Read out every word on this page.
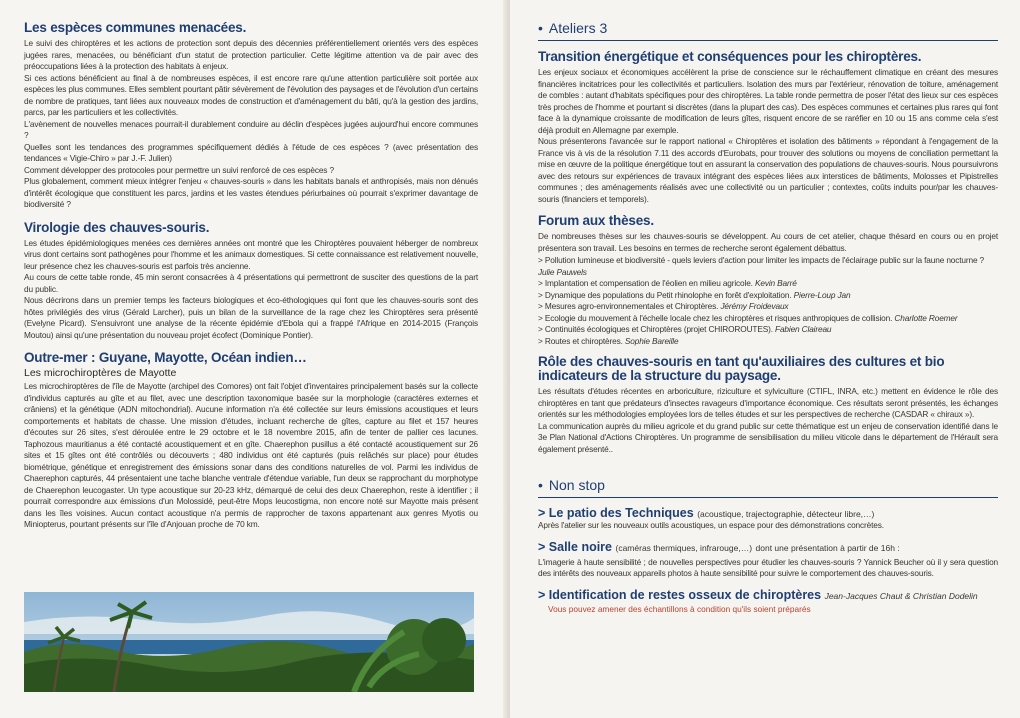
Les espèces communes menacées.

Le suivi des chiroptères et les actions de protection sont depuis des décennies préférentiellement orientés vers des espèces jugées rares, menacées, ou bénéficiant d'un statut de protection particulier. Cette légitime attention va de pair avec des préoccupations liées à la protection des habitats à enjeux.

Si ces actions bénéficient au final à de nombreuses espèces, il est encore rare qu'une attention particulière soit portée aux espèces les plus communes. Elles semblent pourtant pâtir sévèrement de l'évolution des paysages et de l'évolution d'un certains de nombre de pratiques, tant liées aux nouveaux modes de construction et d'aménagement du bâti, qu'à la gestion des jardins, parcs, par les particuliers et les collectivités.

L'avènement de nouvelles menaces pourrait-il durablement conduire au déclin d'espèces jugées aujourd'hui encore communes ?

Quelles sont les tendances des programmes spécifiquement dédiés à l'étude de ces espèces ? (avec présentation des tendances « Vigie-Chiro » par J.-F. Julien)

Comment développer des protocoles pour permettre un suivi renforcé de ces espèces ?

Plus globalement, comment mieux intégrer l'enjeu « chauves-souris » dans les habitats banals et anthropisés, mais non dénués d'intérêt écologique que constituent les parcs, jardins et les vastes étendues périurbaines où pourrait s'exprimer davantage de biodiversité ?

Virologie des chauves-souris.

Les études épidémiologiques menées ces dernières années ont montré que les Chiroptères pouvaient héberger de nombreux virus dont certains sont pathogènes pour l'homme et les animaux domestiques. Si cette connaissance est relativement nouvelle, leur présence chez les chauves-souris est parfois très ancienne.

Au cours de cette table ronde, 45 min seront consacrées à 4 présentations qui permettront de susciter des questions de la part du public.

Nous décrirons dans un premier temps les facteurs biologiques et éco-éthologiques qui font que les chauves-souris sont des hôtes privilégiés des virus (Gérald Larcher), puis un bilan de la surveillance de la rage chez les Chiroptères sera présenté (Evelyne Picard). S'ensuivront une analyse de la récente épidémie d'Ebola qui a frappé l'Afrique en 2014-2015 (François Moutou) ainsi qu'une présentation du nouveau projet écofect (Dominique Pontier).

Outre-mer : Guyane, Mayotte, Océan indien…
Les microchiroptères de Mayotte

Les microchiroptères de l'île de Mayotte (archipel des Comores) ont fait l'objet d'inventaires principalement basés sur la collecte d'individus capturés au gîte et au filet, avec une description taxonomique basée sur la morphologie (caractères externes et crâniens) et la génétique (ADN mitochondrial). Aucune information n'a été collectée sur leurs émissions acoustiques et leurs comportements et habitats de chasse. Une mission d'études, incluant recherche de gîtes, capture au filet et 157 heures d'écoutes sur 26 sites, s'est déroulée entre le 29 octobre et le 18 novembre 2015, afin de tenter de pallier ces lacunes. Taphozous mauritianus a été contacté acoustiquement et en gîte. Chaerephon pusillus a été contacté acoustiquement sur 26 sites et 15 gîtes ont été contrôlés ou découverts ; 480 individus ont été capturés (puis relâchés sur place) pour études biométrique, génétique et enregistrement des émissions sonar dans des conditions naturelles de vol. Parmi les individus de Chaerephon capturés, 44 présentaient une tache blanche ventrale d'étendue variable, l'un deux se rapprochant du morphotype de Chaerephon leucogaster. Un type acoustique sur 20-23 kHz, démarqué de celui des deux Chaerephon, reste à identifier ; il pourrait correspondre aux émissions d'un Molossidé, peut-être Mops leucostigma, non encore noté sur Mayotte mais présent dans les îles voisines. Aucun contact acoustique n'a permis de rapprocher de taxons appartenant aux genres Myotis ou Miniopterus, pourtant présents sur l'île d'Anjouan proche de 70 km.

• Ateliers 3
Transition énergétique et conséquences pour les chiroptères.

Les enjeux sociaux et économiques accélèrent la prise de conscience sur le réchauffement climatique en créant des mesures financières incitatrices pour les collectivités et particuliers. Isolation des murs par l'extérieur, rénovation de toiture, aménagement de combles : autant d'habitats spécifiques pour des chiroptères. La table ronde permettra de poser l'état des lieux sur ces espèces très proches de l'homme et pourtant si discrètes (dans la plupart des cas). Des espèces communes et certaines plus rares qui font face à la dynamique croissante de modification de leurs gîtes, risquent encore de se raréfier en 10 ou 15 ans comme cela s'est déjà produit en Allemagne par exemple.

Nous présenterons l'avancée sur le rapport national « Chiroptères et isolation des bâtiments » répondant à l'engagement de la France vis à vis de la résolution 7.11 des accords d'Eurobats, pour trouver des solutions ou moyens de conciliation permettant la mise en œuvre de la politique énergétique tout en assurant la conservation des populations de chauves-souris. Nous poursuivrons avec des retours sur expériences de travaux intégrant des espèces liées aux interstices de bâtiments, Molosses et Pipistrelles communes ; des aménagements réalisés avec une collectivité ou un particulier ; contextes, coûts induits pour/par les chauves-souris (financiers et temporels).

Forum aux thèses.

De nombreuses thèses sur les chauves-souris se développent. Au cours de cet atelier, chaque thésard en cours ou en projet présentera son travail. Les besoins en termes de recherche seront également débattus.

> Pollution lumineuse et biodiversité - quels leviers d'action pour limiter les impacts de l'éclairage public sur la faune nocturne ? Julie Pauwels
> Implantation et compensation de l'éolien en milieu agricole. Kevin Barré
> Dynamique des populations du Petit rhinolophe en forêt d'exploitation. Pierre-Loup Jan
> Mesures agro-environnementales et Chiroptères. Jérémy Froidevaux
> Ecologie du mouvement à l'échelle locale chez les chiroptères et risques anthropiques de collision. Charlotte Roemer
> Continuités écologiques et Chiroptères (projet CHIROROUTES). Fabien Claireau
> Routes et chiroptères. Sophie Bareille
Rôle des chauves-souris en tant qu'auxiliaires des cultures et bio indicateurs de la structure du paysage.

Les résultats d'études récentes en arboriculture, riziculture et sylviculture (CTIFL, INRA, etc.) mettent en évidence le rôle des chiroptères en tant que prédateurs d'insectes ravageurs d'importance économique. Ces résultats seront présentés, les échanges orientés sur les méthodologies employées lors de telles études et sur les perspectives de recherche (CASDAR « chiraux »).

La communication auprès du milieu agricole et du grand public sur cette thématique est un enjeu de conservation identifié dans le 3e Plan National d'Actions Chiroptères. Un programme de sensibilisation du milieu viticole dans le département de l'Hérault sera également présenté..

• Non stop
> Le patio des Techniques (acoustique, trajectographie, détecteur libre,…)

Après l'atelier sur les nouveaux outils acoustiques, un espace pour des démonstrations concrètes.

> Salle noire (caméras thermiques, infrarouge,…) dont une présentation à partir de 16h :

L'imagerie à haute sensibilité ; de nouvelles perspectives pour étudier les chauves-souris ? Yannick Beucher où il y sera question des intérêts des nouveaux appareils photos à haute sensibilité pour suivre le comportement des chauves-souris.

> Identification de restes osseux de chiroptères Jean-Jacques Chaut & Christian Dodelin
Vous pouvez amener des échantillons à condition qu'ils soient préparés
